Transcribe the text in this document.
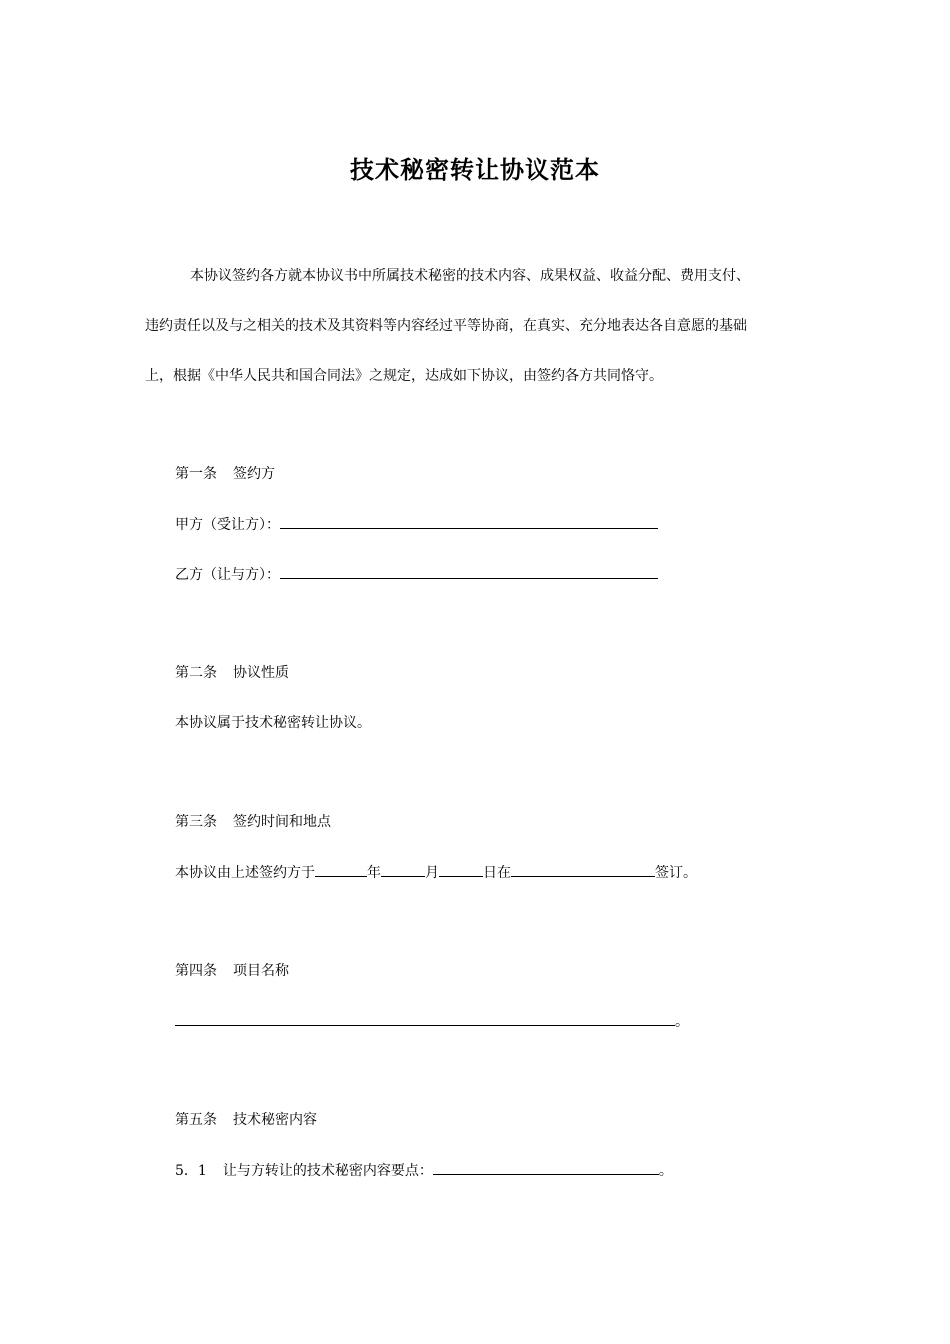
技术秘密转让协议范本
本协议签约各方就本协议书中所属技术秘密的技术内容、成果权益、收益分配、费用支付、
违约责任以及与之相关的技术及其资料等内容经过平等协商，在真实、充分地表达各自意愿的基础
上，根据《中华人民共和国合同法》之规定，达成如下协议，由签约各方共同恪守。
第一条 签约方
甲方（受让方）：
乙方（让与方）：
第二条 协议性质
本协议属于技术秘密转让协议。
第三条 签约时间和地点
本协议由上述签约方于	年	月	日在	签订。
第四条 项目名称
。
第五条 技术秘密内容
5．1 让与方转让的技术秘密内容要点：	。
